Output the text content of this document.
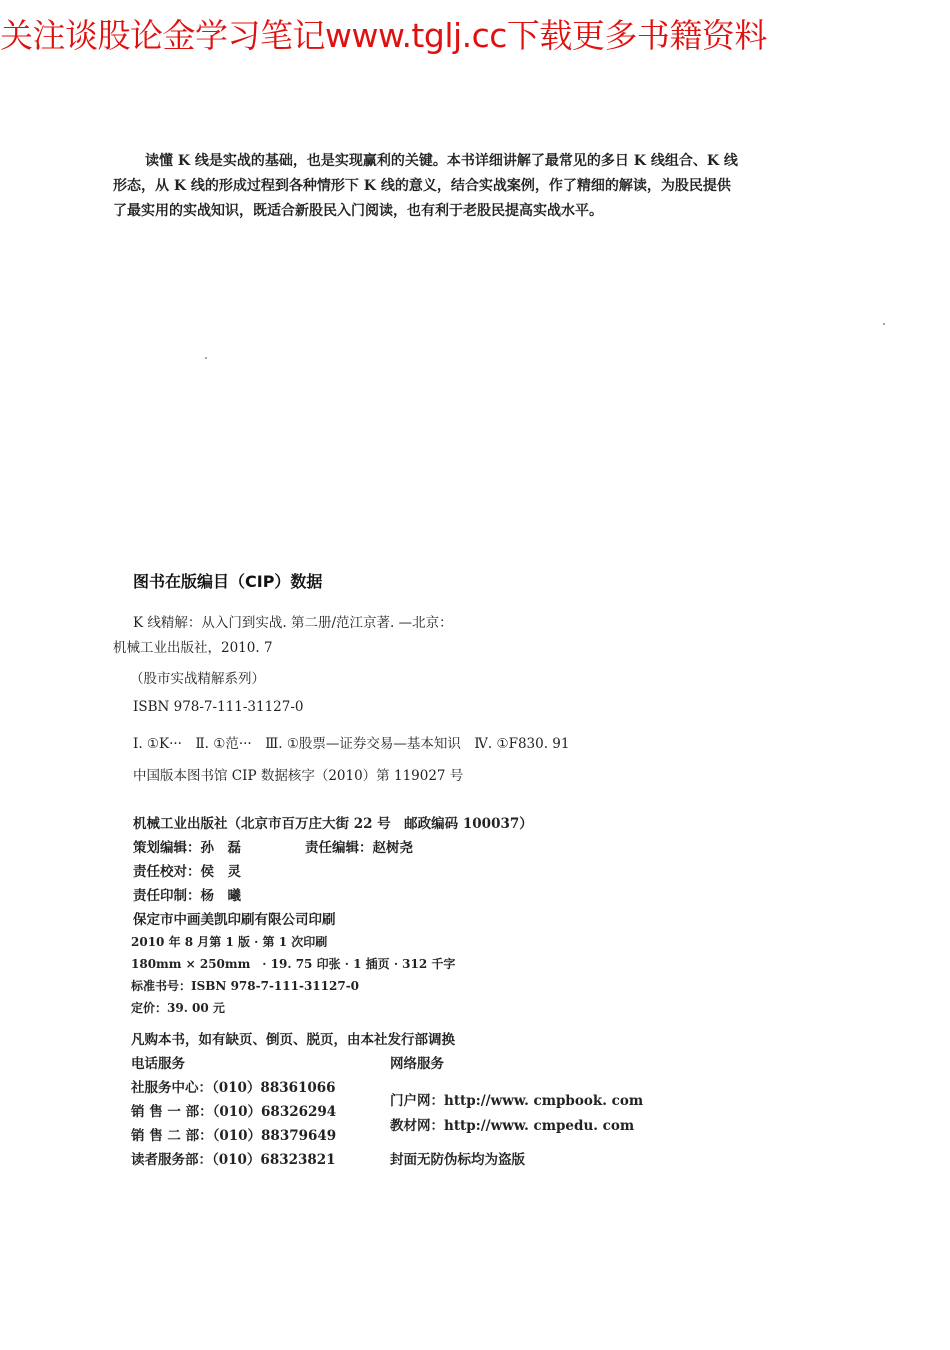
关注谈股论金学习笔记www.tglj.cc下载更多书籍资料
读懂 K 线是实战的基础，也是实现赢利的关键。本书详细讲解了最常见的多日 K 线组合、K 线
形态，从 K 线的形成过程到各种情形下 K 线的意义，结合实战案例，作了精细的解读，为股民提供
了最实用的实战知识，既适合新股民入门阅读，也有利于老股民提高实战水平。
图书在版编目（CIP）数据
K 线精解：从入门到实战. 第二册/范江京著. —北京：
机械工业出版社，2010. 7
（股市实战精解系列）
ISBN 978-7-111-31127-0
Ⅰ. ①K···　Ⅱ. ①范···　Ⅲ. ①股票—证券交易—基本知识　Ⅳ. ①F830. 91
中国版本图书馆 CIP 数据核字（2010）第 119027 号
机械工业出版社（北京市百万庄大街 22 号　邮政编码 100037）
策划编辑：孙　磊	责任编辑：赵树尧
责任校对：侯　灵
责任印制：杨　曦
保定市中画美凯印刷有限公司印刷
2010 年 8 月第 1 版 · 第 1 次印刷
180mm × 250mm　· 19. 75 印张 · 1 插页 · 312 千字
标准书号：ISBN 978-7-111-31127-0
定价：39. 00 元
凡购本书，如有缺页、倒页、脱页，由本社发行部调换
电话服务	网络服务
社服务中心：（010）88361066
销 售 一 部：（010）68326294
销 售 二 部：（010）88379649
读者服务部：（010）68323821
门户网：http://www. cmpbook. com
教材网：http://www. cmpedu. com
封面无防伪标均为盗版
